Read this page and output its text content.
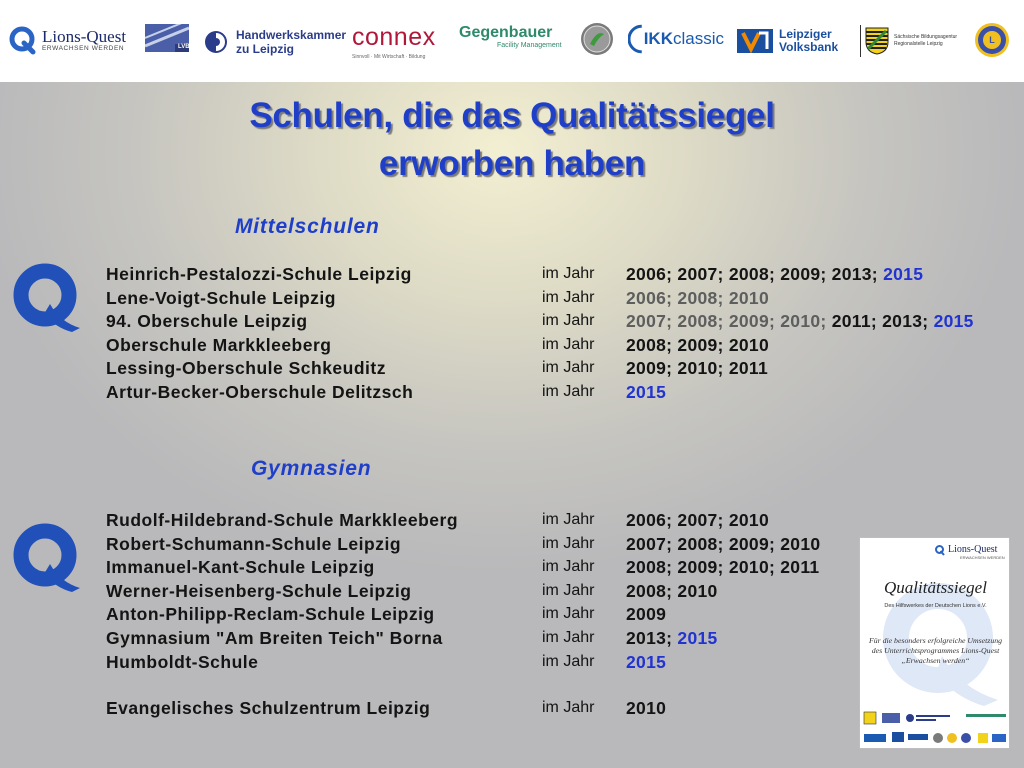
Lions-Quest
ERWACHSEN WERDEN	LVB
Handwerkskammer
zu Leipzig	connex
Sinnvoll · Mit Wirtschaft · Bildung
Gegenbauer
Facility Management	IKK classic	Leipziger
Volksbank
Sächsische Bildungsagentur
Regionalstelle Leipzig	L
Schulen, die das Qualitätssiegel
erworben haben
Mittelschulen
Gymnasien
Heinrich-Pestalozzi-Schule Leipzig	im Jahr 2006; 2007; 2008; 2009; 2013; 2015
Lene-Voigt-Schule Leipzig	im Jahr 2006; 2008; 2010
94. Oberschule Leipzig	im Jahr 2007; 2008; 2009; 2010; 2011; 2013; 2015
Oberschule Markkleeberg	im Jahr 2008; 2009; 2010
Lessing-Oberschule Schkeuditz	im Jahr 2009; 2010; 2011
Artur-Becker-Oberschule Delitzsch	im Jahr 2015
Rudolf-Hildebrand-Schule Markkleeberg	im Jahr 2006; 2007; 2010
Robert-Schumann-Schule Leipzig	im Jahr 2007; 2008; 2009; 2010
Immanuel-Kant-Schule Leipzig	im Jahr 2008; 2009; 2010; 2011
Werner-Heisenberg-Schule Leipzig	im Jahr 2008; 2010
Anton-Philipp-Reclam-Schule Leipzig	im Jahr 2009
Gymnasium "Am Breiten Teich" Borna	im Jahr 2013; 2015
Humboldt-Schule	im Jahr 2015
Evangelisches Schulzentrum Leipzig	im Jahr 2010
Lions-Quest
ERWACHSEN WERDEN
Qualitätssiegel
Des Hilfswerkes der Deutschen Lions e.V.
Für die besonders erfolgreiche Umsetzung des Unterrichtsprogrammes Lions-Quest „Erwachsen werden“
